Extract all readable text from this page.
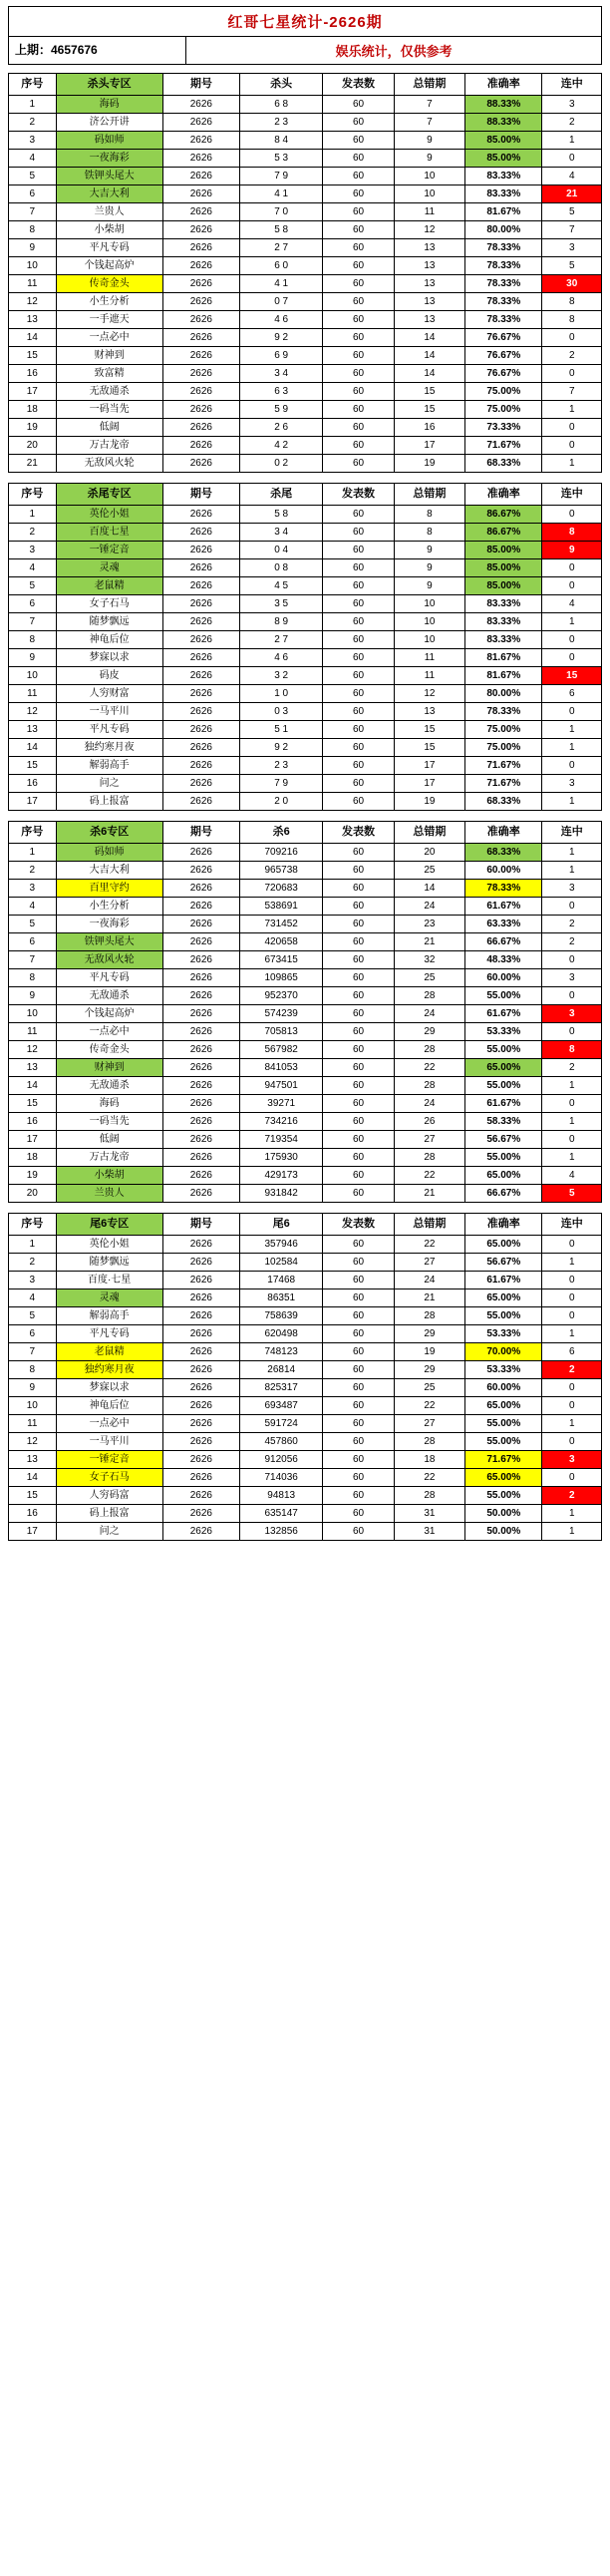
红哥七星统计-2626期
上期：4657676	娱乐统计，仅供参考
序号	杀头专区	期号	杀头	发表数	总错期	准确率	连中
1	海码	2626	6 8	60	7	88.33%	3
2	济公开讲	2626	2 3	60	7	88.33%	2
3	码如师	2626	8 4	60	9	85.00%	1
4	一夜海彩	2626	5 3	60	9	85.00%	0
5	铁钾头尾大	2626	7 9	60	10	83.33%	4
6	大吉大利	2626	4 1	60	10	83.33%	21
7	兰贵人	2626	7 0	60	11	81.67%	5
8	小柴胡	2626	5 8	60	12	80.00%	7
9	平凡专码	2626	2 7	60	13	78.33%	3
10	个钱起高炉	2626	6 0	60	13	78.33%	5
11	传奇金头	2626	4 1	60	13	78.33%	30
12	小生分析	2626	0 7	60	13	78.33%	8
13	一手遮天	2626	4 6	60	13	78.33%	8
14	一点必中	2626	9 2	60	14	76.67%	0
15	财神到	2626	6 9	60	14	76.67%	2
16	致富精	2626	3 4	60	14	76.67%	0
17	无敌通杀	2626	6 3	60	15	75.00%	7
18	一码当先	2626	5 9	60	15	75.00%	1
19	低阔	2626	2 6	60	16	73.33%	0
20	万古龙帝	2626	4 2	60	17	71.67%	0
21	无敌风火轮	2626	0 2	60	19	68.33%	1
序号	杀尾专区	期号	杀尾	发表数	总错期	准确率	连中
1	英伦小姐	2626	5 8	60	8	86.67%	0
2	百度七星	2626	3 4	60	8	86.67%	8
3	一锤定音	2626	0 4	60	9	85.00%	9
4	灵魂	2626	0 8	60	9	85.00%	0
5	老鼠精	2626	4 5	60	9	85.00%	0
6	女子石马	2626	3 5	60	10	83.33%	4
7	随梦飘远	2626	8 9	60	10	83.33%	1
8	神龟后位	2626	2 7	60	10	83.33%	0
9	梦寐以求	2626	4 6	60	11	81.67%	0
10	码皮	2626	3 2	60	11	81.67%	15
11	人穷财富	2626	1 0	60	12	80.00%	6
12	一马平川	2626	0 3	60	13	78.33%	0
13	平凡专码	2626	5 1	60	15	75.00%	1
14	独约寒月夜	2626	9 2	60	15	75.00%	1
15	解弱高手	2626	2 3	60	17	71.67%	0
16	问之	2626	7 9	60	17	71.67%	3
17	码上报富	2626	2 0	60	19	68.33%	1
序号	杀6专区	期号	杀6	发表数	总错期	准确率	连中
1	码如师	2626	709216	60	20	68.33%	1
2	大吉大利	2626	965738	60	25	60.00%	1
3	百里守约	2626	720683	60	14	78.33%	3
4	小生分析	2626	538691	60	24	61.67%	0
5	一夜海彩	2626	731452	60	23	63.33%	2
6	铁钾头尾大	2626	420658	60	21	66.67%	2
7	无敌风火轮	2626	673415	60	32	48.33%	0
8	平凡专码	2626	109865	60	25	60.00%	3
9	无敌通杀	2626	952370	60	28	55.00%	0
10	个钱起高炉	2626	574239	60	24	61.67%	3
11	一点必中	2626	705813	60	29	53.33%	0
12	传奇金头	2626	567982	60	28	55.00%	8
13	财神到	2626	841053	60	22	65.00%	2
14	无敌通杀	2626	947501	60	28	55.00%	1
15	海码	2626	39271	60	24	61.67%	0
16	一码当先	2626	734216	60	26	58.33%	1
17	低阔	2626	719354	60	27	56.67%	0
18	万古龙帝	2626	175930	60	28	55.00%	1
19	小柴胡	2626	429173	60	22	65.00%	4
20	兰贵人	2626	931842	60	21	66.67%	5
序号	尾6专区	期号	尾6	发表数	总错期	准确率	连中
1	英伦小姐	2626	357946	60	22	65.00%	0
2	随梦飘远	2626	102584	60	27	56.67%	1
3	百度·七星	2626	17468	60	24	61.67%	0
4	灵魂	2626	86351	60	21	65.00%	0
5	解弱高手	2626	758639	60	28	55.00%	0
6	平凡专码	2626	620498	60	29	53.33%	1
7	老鼠精	2626	748123	60	19	70.00%	6
8	独约寒月夜	2626	26814	60	29	53.33%	2
9	梦寐以求	2626	825317	60	25	60.00%	0
10	神龟后位	2626	693487	60	22	65.00%	0
11	一点必中	2626	591724	60	27	55.00%	1
12	一马平川	2626	457860	60	28	55.00%	0
13	一锤定音	2626	912056	60	18	71.67%	3
14	女子石马	2626	714036	60	22	65.00%	0
15	人穷码富	2626	94813	60	28	55.00%	2
16	码上报富	2626	635147	60	31	50.00%	1
17	问之	2626	132856	60	31	50.00%	1
